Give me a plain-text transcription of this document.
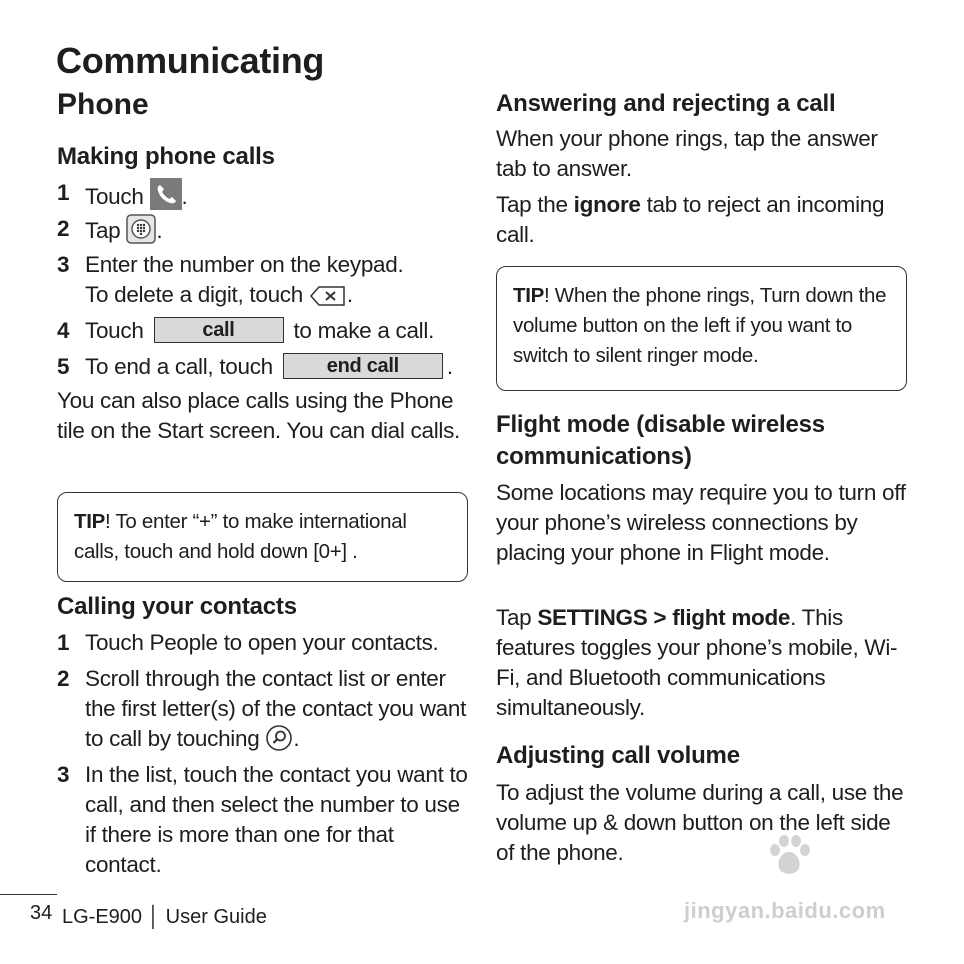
Communicating
Phone
Making phone calls
1 Touch .
2 Tap .
3 Enter the number on the keypad.
To delete a digit, touch .
4 Touch	call	to make a call.
5 To end a call, touch	end call .

You can also place calls using the Phone tile on the Start screen. You can dial calls.

TIP! To enter “+” to make international calls, touch and hold down [0+] .
Calling your contacts
1 Touch People to open your contacts.
2 Scroll through the contact list or enter the first letter(s) of the contact you want to call by touching .
3 In the list, touch the contact you want to call, and then select the number to use if there is more than one for that contact.
Answering and rejecting a call

When your phone rings, tap the answer tab to answer.

Tap the ignore tab to reject an incoming call.

TIP! When the phone rings, Turn down the volume button on the left if you want to switch to silent ringer mode.
Flight mode (disable wireless communications)

Some locations may require you to turn off your phone’s wireless connections by placing your phone in Flight mode.

Tap SETTINGS > flight mode. This features toggles your phone’s mobile, Wi-Fi, and Bluetooth communications simultaneously.

Adjusting call volume

To adjust the volume during a call, use the volume up & down button on the left side of the phone.

34 LG-E900 │ User Guide	jingyan.baidu.com
